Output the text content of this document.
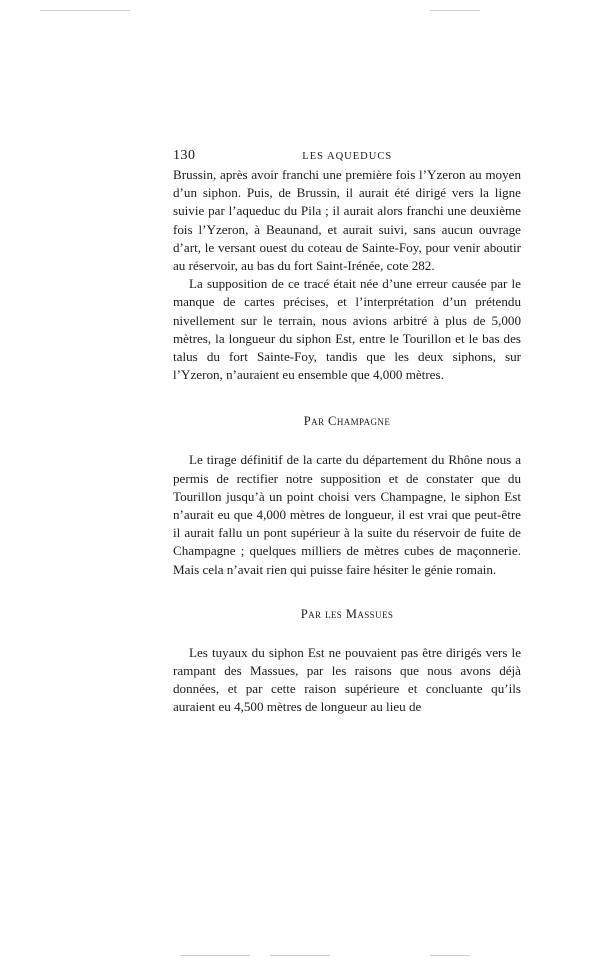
130	LES AQUEDUCS

Brussin, après avoir franchi une première fois l’Yzeron au moyen d’un siphon. Puis, de Brussin, il aurait été dirigé vers la ligne suivie par l’aqueduc du Pila ; il aurait alors franchi une deuxième fois l’Yzeron, à Beaunand, et aurait suivi, sans aucun ouvrage d’art, le versant ouest du coteau de Sainte-Foy, pour venir aboutir au réservoir, au bas du fort Saint-Irénée, cote 282.

La supposition de ce tracé était née d’une erreur causée par le manque de cartes précises, et l’interprétation d’un prétendu nivellement sur le terrain, nous avions arbitré à plus de 5,000 mètres, la longueur du siphon Est, entre le Tourillon et le bas des talus du fort Sainte-Foy, tandis que les deux siphons, sur l’Yzeron, n’auraient eu ensemble que 4,000 mètres.

Par Champagne

Le tirage définitif de la carte du département du Rhône nous a permis de rectifier notre supposition et de constater que du Tourillon jusqu’à un point choisi vers Champagne, le siphon Est n’aurait eu que 4,000 mètres de longueur, il est vrai que peut-être il aurait fallu un pont supérieur à la suite du réservoir de fuite de Champagne ; quelques milliers de mètres cubes de maçonnerie. Mais cela n’avait rien qui puisse faire hésiter le génie romain.

Par les Massues

Les tuyaux du siphon Est ne pouvaient pas être dirigés vers le rampant des Massues, par les raisons que nous avons déjà données, et par cette raison supérieure et concluante qu’ils auraient eu 4,500 mètres de longueur au lieu de
